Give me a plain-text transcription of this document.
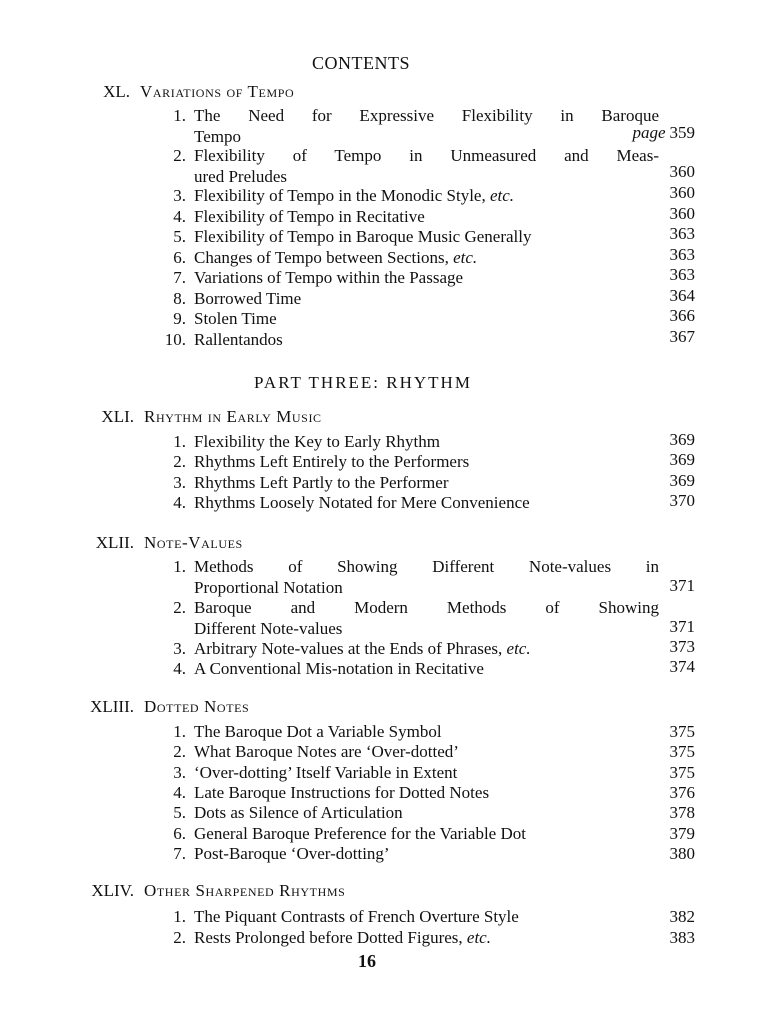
CONTENTS
XL. Variations of Tempo
1. The Need for Expressive Flexibility in Baroque
Tempo	page 359
2. Flexibility of Tempo in Unmeasured and Meas-
ured Preludes	360
3. Flexibility of Tempo in the Monodic Style, etc.	360
4. Flexibility of Tempo in Recitative	360
5. Flexibility of Tempo in Baroque Music Generally	363
6. Changes of Tempo between Sections, etc.	363
7. Variations of Tempo within the Passage	363
8. Borrowed Time	364
9. Stolen Time	366
10. Rallentandos	367
PART THREE: RHYTHM
XLI. Rhythm in Early Music
1. Flexibility the Key to Early Rhythm	369
2. Rhythms Left Entirely to the Performers	369
3. Rhythms Left Partly to the Performer	369
4. Rhythms Loosely Notated for Mere Convenience	370
XLII. Note-Values
1. Methods of Showing Different Note-values in
Proportional Notation	371
2. Baroque and Modern Methods of Showing
Different Note-values	371
3. Arbitrary Note-values at the Ends of Phrases, etc.	373
4. A Conventional Mis-notation in Recitative	374
XLIII. Dotted Notes
1. The Baroque Dot a Variable Symbol	375
2. What Baroque Notes are ‘Over-dotted’	375
3. ‘Over-dotting’ Itself Variable in Extent	375
4. Late Baroque Instructions for Dotted Notes	376
5. Dots as Silence of Articulation	378
6. General Baroque Preference for the Variable Dot	379
7. Post-Baroque ‘Over-dotting’	380
XLIV. Other Sharpened Rhythms
1. The Piquant Contrasts of French Overture Style	382
2. Rests Prolonged before Dotted Figures, etc.	383
16
